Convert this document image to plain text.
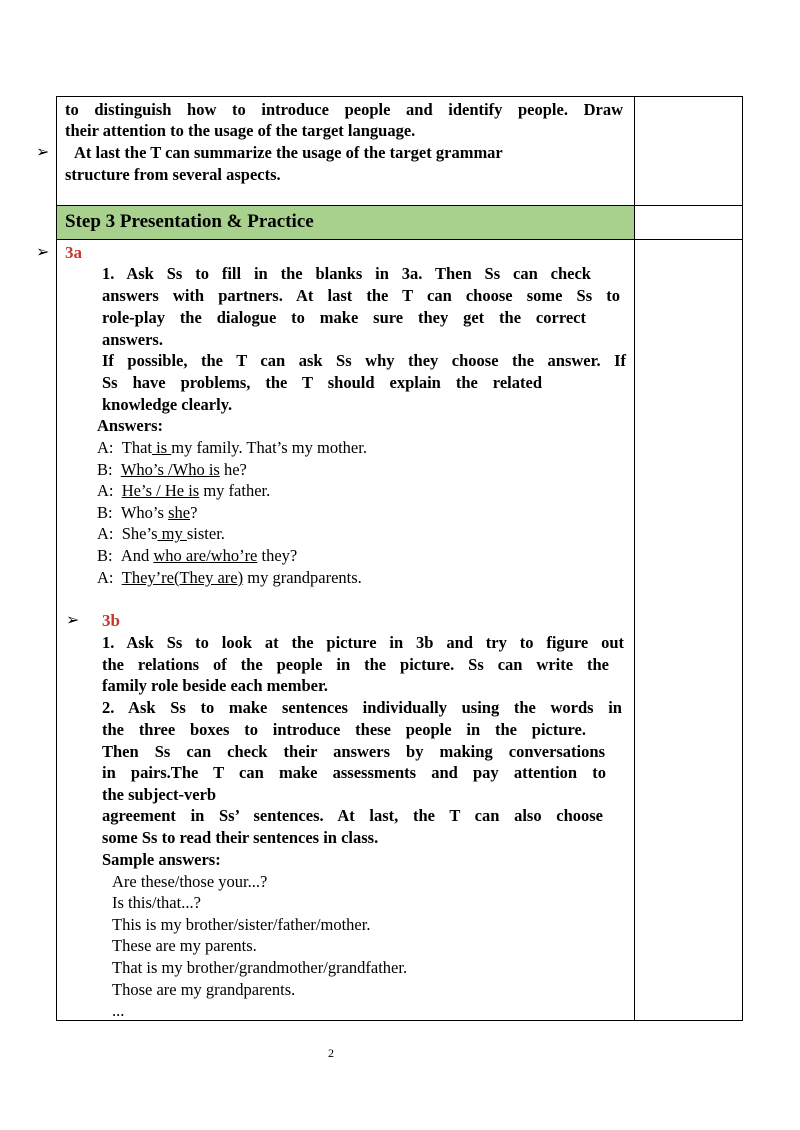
to distinguish how to introduce people and identify people. Draw
their attention to the usage of the target language.
➢ At last the T can summarize the usage of the target grammar
structure from several aspects.
Step 3 Presentation & Practice
➢ 3a
1. Ask Ss to fill in the blanks in 3a. Then Ss can check
answers with partners. At last the T can choose some Ss to
role-play the dialogue to make sure they get the correct
answers.
If possible, the T can ask Ss why they choose the answer. If
Ss have problems, the T should explain the related
knowledge clearly.
Answers:
A: That is my family. That’s my mother.
B: Who’s /Who is he?
A: He’s / He is my father.
B: Who’s she?
A: She’s my sister.
B: And who are/who’re they?
A: They’re(They are) my grandparents.
➢ 3b
1. Ask Ss to look at the picture in 3b and try to figure out
the relations of the people in the picture. Ss can write the
family role beside each member.
2. Ask Ss to make sentences individually using the words in
the three boxes to introduce these people in the picture.
Then Ss can check their answers by making conversations
in pairs.The T can make assessments and pay attention to
the subject-verb
agreement in Ss’ sentences. At last, the T can also choose
some Ss to read their sentences in class.
Sample answers:
Are these/those your...?
Is this/that...?
This is my brother/sister/father/mother.
These are my parents.
That is my brother/grandmother/grandfather.
Those are my grandparents.
...
2
